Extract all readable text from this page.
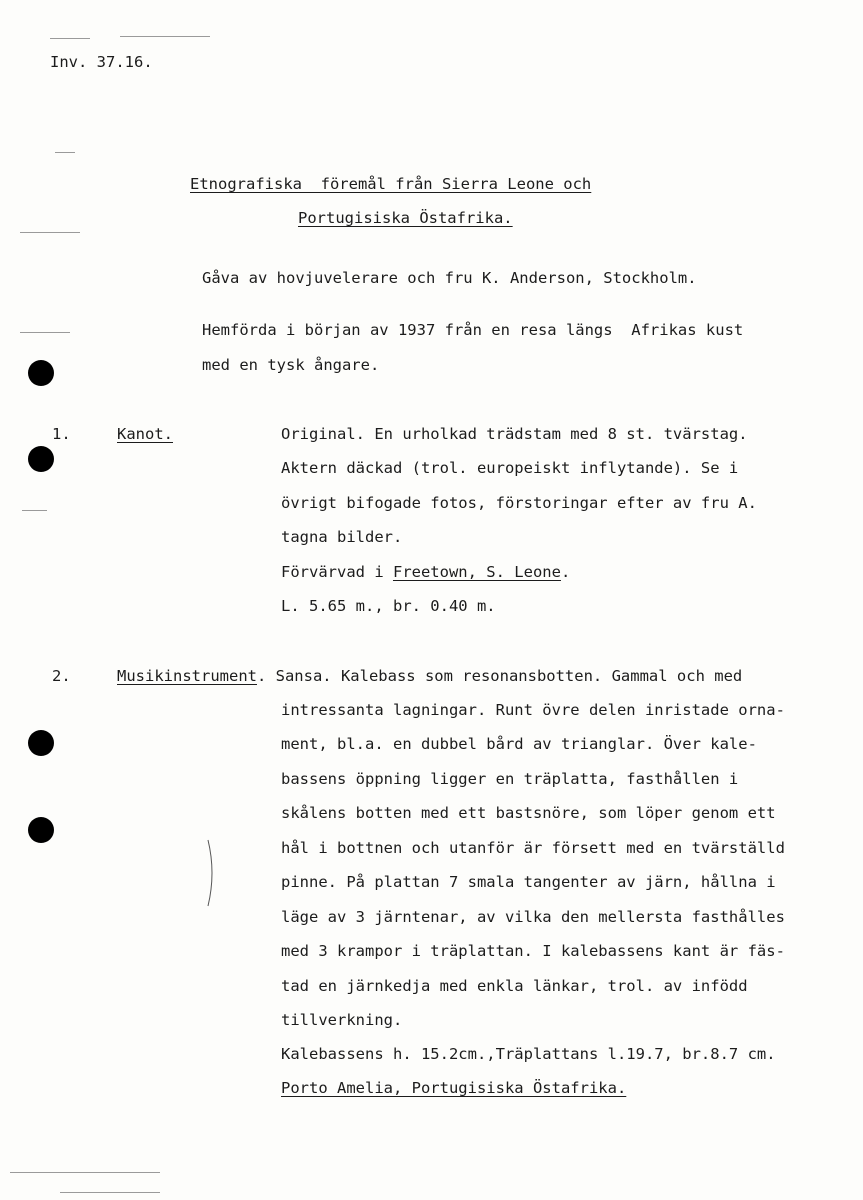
Inv. 37.16.
Etnografiska  föremål från Sierra Leone och
Portugisiska Östafrika.
Gåva av hovjuvelerare och fru K. Anderson, Stockholm.
Hemförda i början av 1937 från en resa längs  Afrikas kust
med en tysk ångare.
1.	Kanot.	Original. En urholkad trädstam med 8 st. tvärstag.
Aktern däckad (trol. europeiskt inflytande). Se i
övrigt bifogade fotos, förstoringar efter av fru A.
tagna bilder.
Förvärvad i Freetown, S. Leone.
L. 5.65 m., br. 0.40 m.
2.	Musikinstrument. Sansa. Kalebass som resonansbotten. Gammal och med
intressanta lagningar. Runt övre delen inristade orna-
ment, bl.a. en dubbel bård av trianglar. Över kale-
bassens öppning ligger en träplatta, fasthållen i
skålens botten med ett bastsnöre, som löper genom ett
hål i bottnen och utanför är försett med en tvärställd
pinne. På plattan 7 smala tangenter av järn, hållna i
läge av 3 järntenar, av vilka den mellersta fasthålles
med 3 krampor i träplattan. I kalebassens kant är fäs-
tad en järnkedja med enkla länkar, trol. av infödd
tillverkning.
Kalebassens h. 15.2cm.,Träplattans l.19.7, br.8.7 cm.
Porto Amelia, Portugisiska Östafrika.
